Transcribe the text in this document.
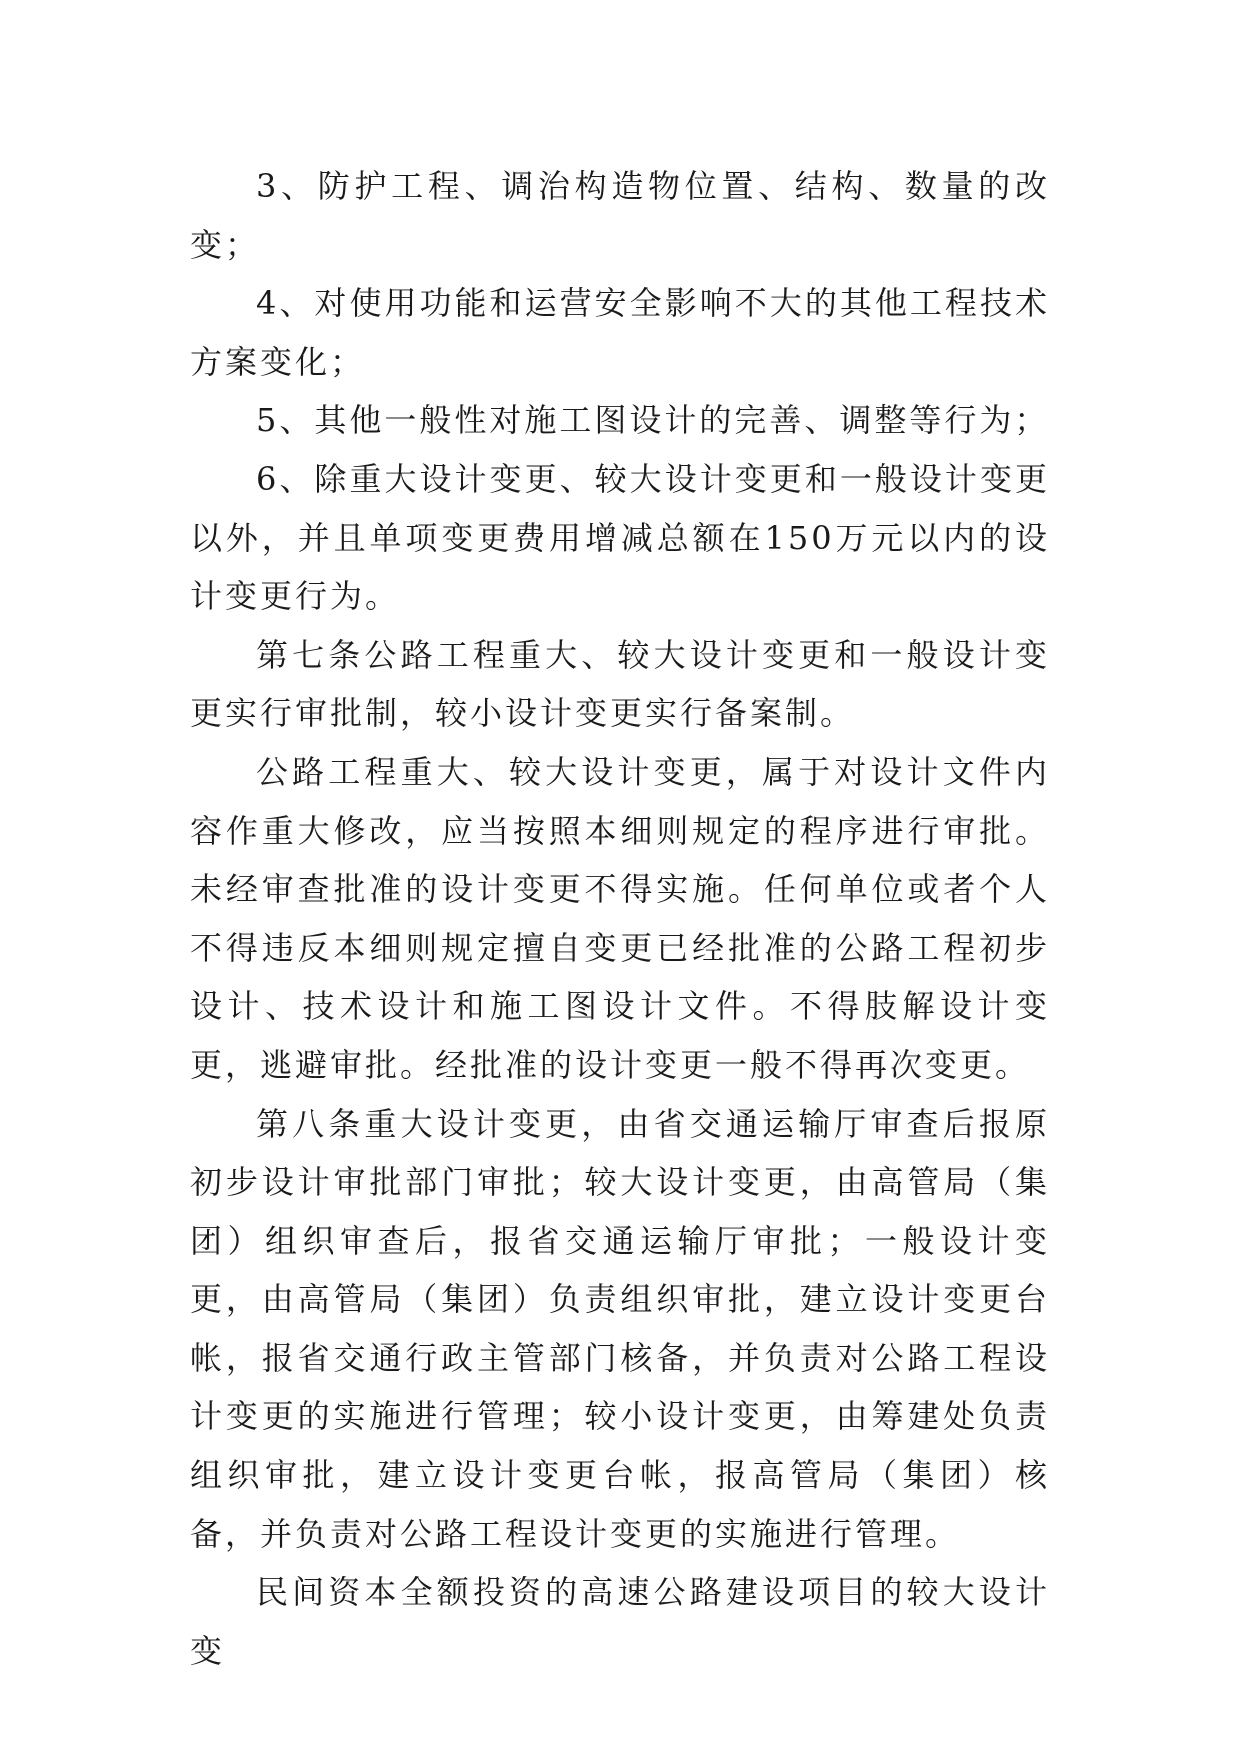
3、防护工程、调治构造物位置、结构、数量的改变；

4、对使用功能和运营安全影响不大的其他工程技术方案变化；

5、其他一般性对施工图设计的完善、调整等行为；

6、除重大设计变更、较大设计变更和一般设计变更以外，并且单项变更费用增减总额在150万元以内的设计变更行为。

第七条公路工程重大、较大设计变更和一般设计变更实行审批制，较小设计变更实行备案制。

公路工程重大、较大设计变更，属于对设计文件内容作重大修改，应当按照本细则规定的程序进行审批。未经审查批准的设计变更不得实施。任何单位或者个人不得违反本细则规定擅自变更已经批准的公路工程初步设计、技术设计和施工图设计文件。不得肢解设计变更，逃避审批。经批准的设计变更一般不得再次变更。

第八条重大设计变更，由省交通运输厅审查后报原初步设计审批部门审批；较大设计变更，由高管局（集团）组织审查后，报省交通运输厅审批；一般设计变更，由高管局（集团）负责组织审批，建立设计变更台帐，报省交通行政主管部门核备，并负责对公路工程设计变更的实施进行管理；较小设计变更，由筹建处负责组织审批，建立设计变更台帐，报高管局（集团）核备，并负责对公路工程设计变更的实施进行管理。

民间资本全额投资的高速公路建设项目的较大设计变
